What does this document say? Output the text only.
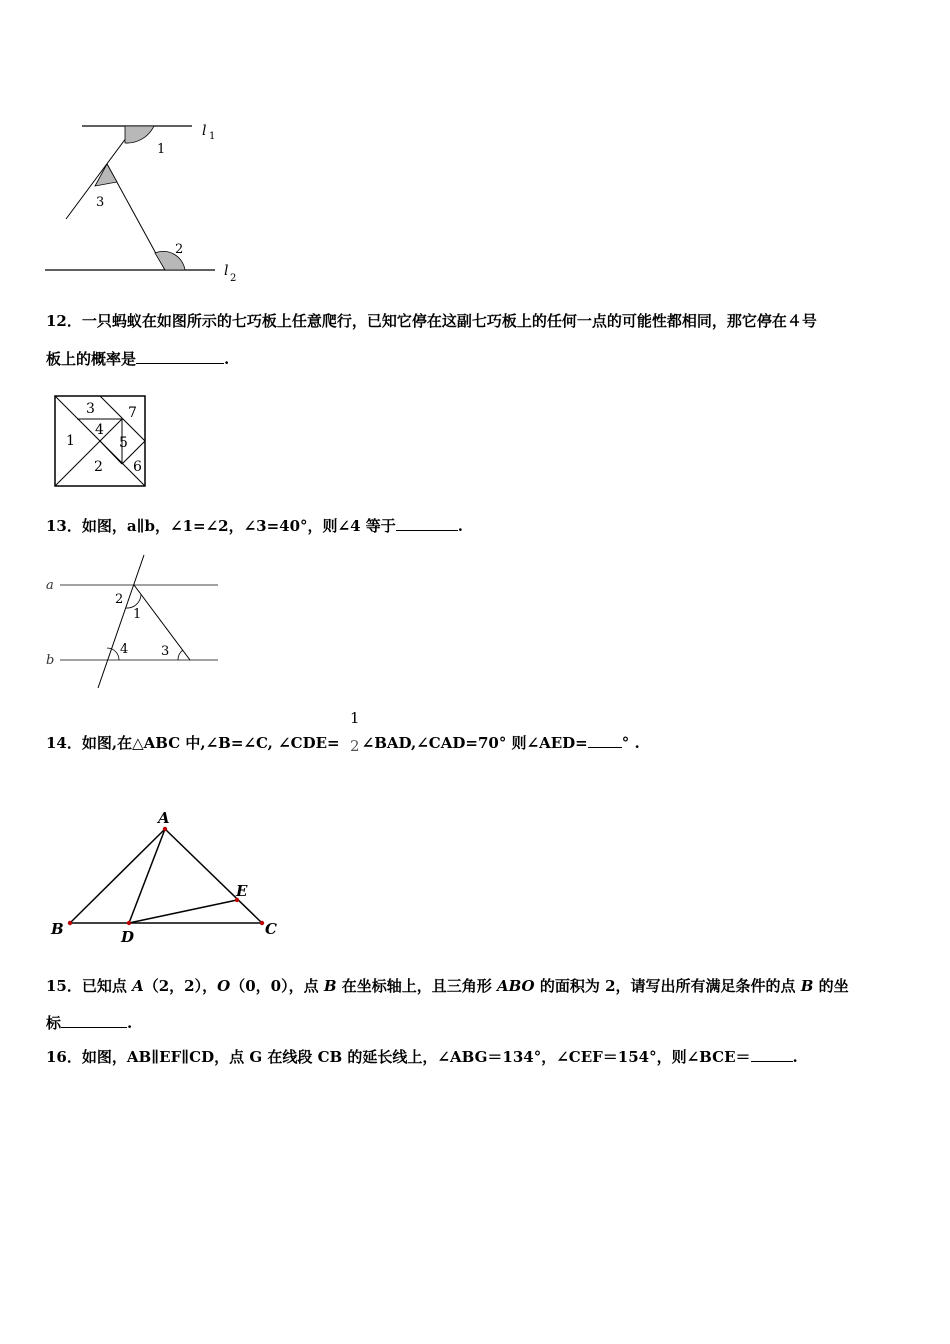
l 1
l 2
1
2
3
12．一只蚂蚁在如图所示的七巧板上任意爬行，已知它停在这副七巧板上的任何一点的可能性都相同，那它停在４号
板上的概率是	.
1
2
3
4
5
6
7
13．如图，a∥b，∠1=∠2，∠3=40°，则∠4 等于	.
a
b
1
2
3
4
14．如图,在△ABC 中,∠B=∠C, ∠CDE= ∠BAD,∠CAD=70° 则∠AED= ° .
1
2
A
B	C
D
E
15．已知点 A（2，2），O（0，0），点 B 在坐标轴上，且三角形 ABO 的面积为 2，请写出所有满足条件的点 B 的坐
标	.
16．如图，AB∥EF∥CD，点 G 在线段 CB 的延长线上，∠ABG＝134°，∠CEF＝154°，则∠BCE＝	.
